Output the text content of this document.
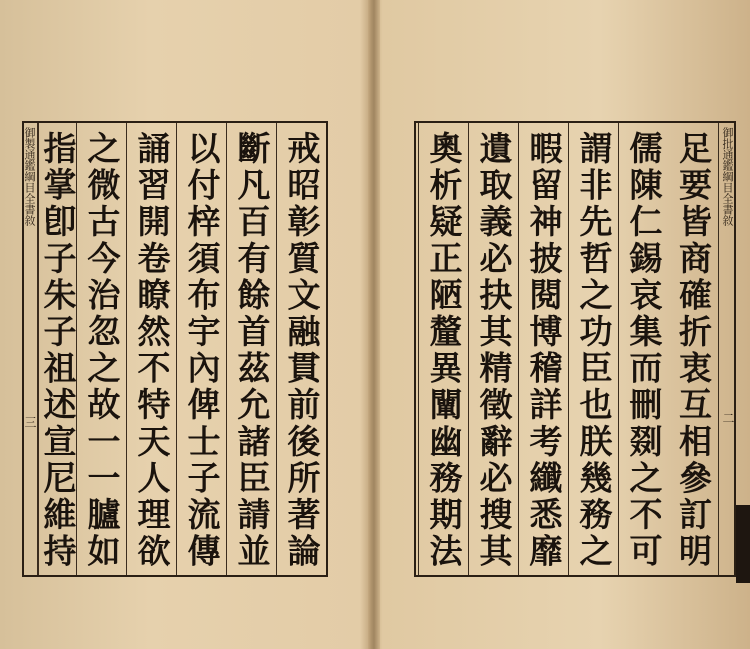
御製通鑑綱目全書敘
三	戒昭彰質文融貫前後所著論
斷凡百有餘首茲允諸臣請並
以付梓須布宇內俾士子流傳
誦習開卷瞭然不特天人理欲
之微古今治忽之故一一臚如
指掌卽子朱子祖述宣尼維持	御批通鑑綱目全書敘
二
足要皆商確折衷互相參訂明
儒陳仁錫哀集而刪剟之不可
謂非先哲之功臣也朕幾務之
暇留神披閱博稽詳考纖悉靡
遺取義必抉其精徵辭必搜其
奧析疑正陋釐異闡幽務期法
